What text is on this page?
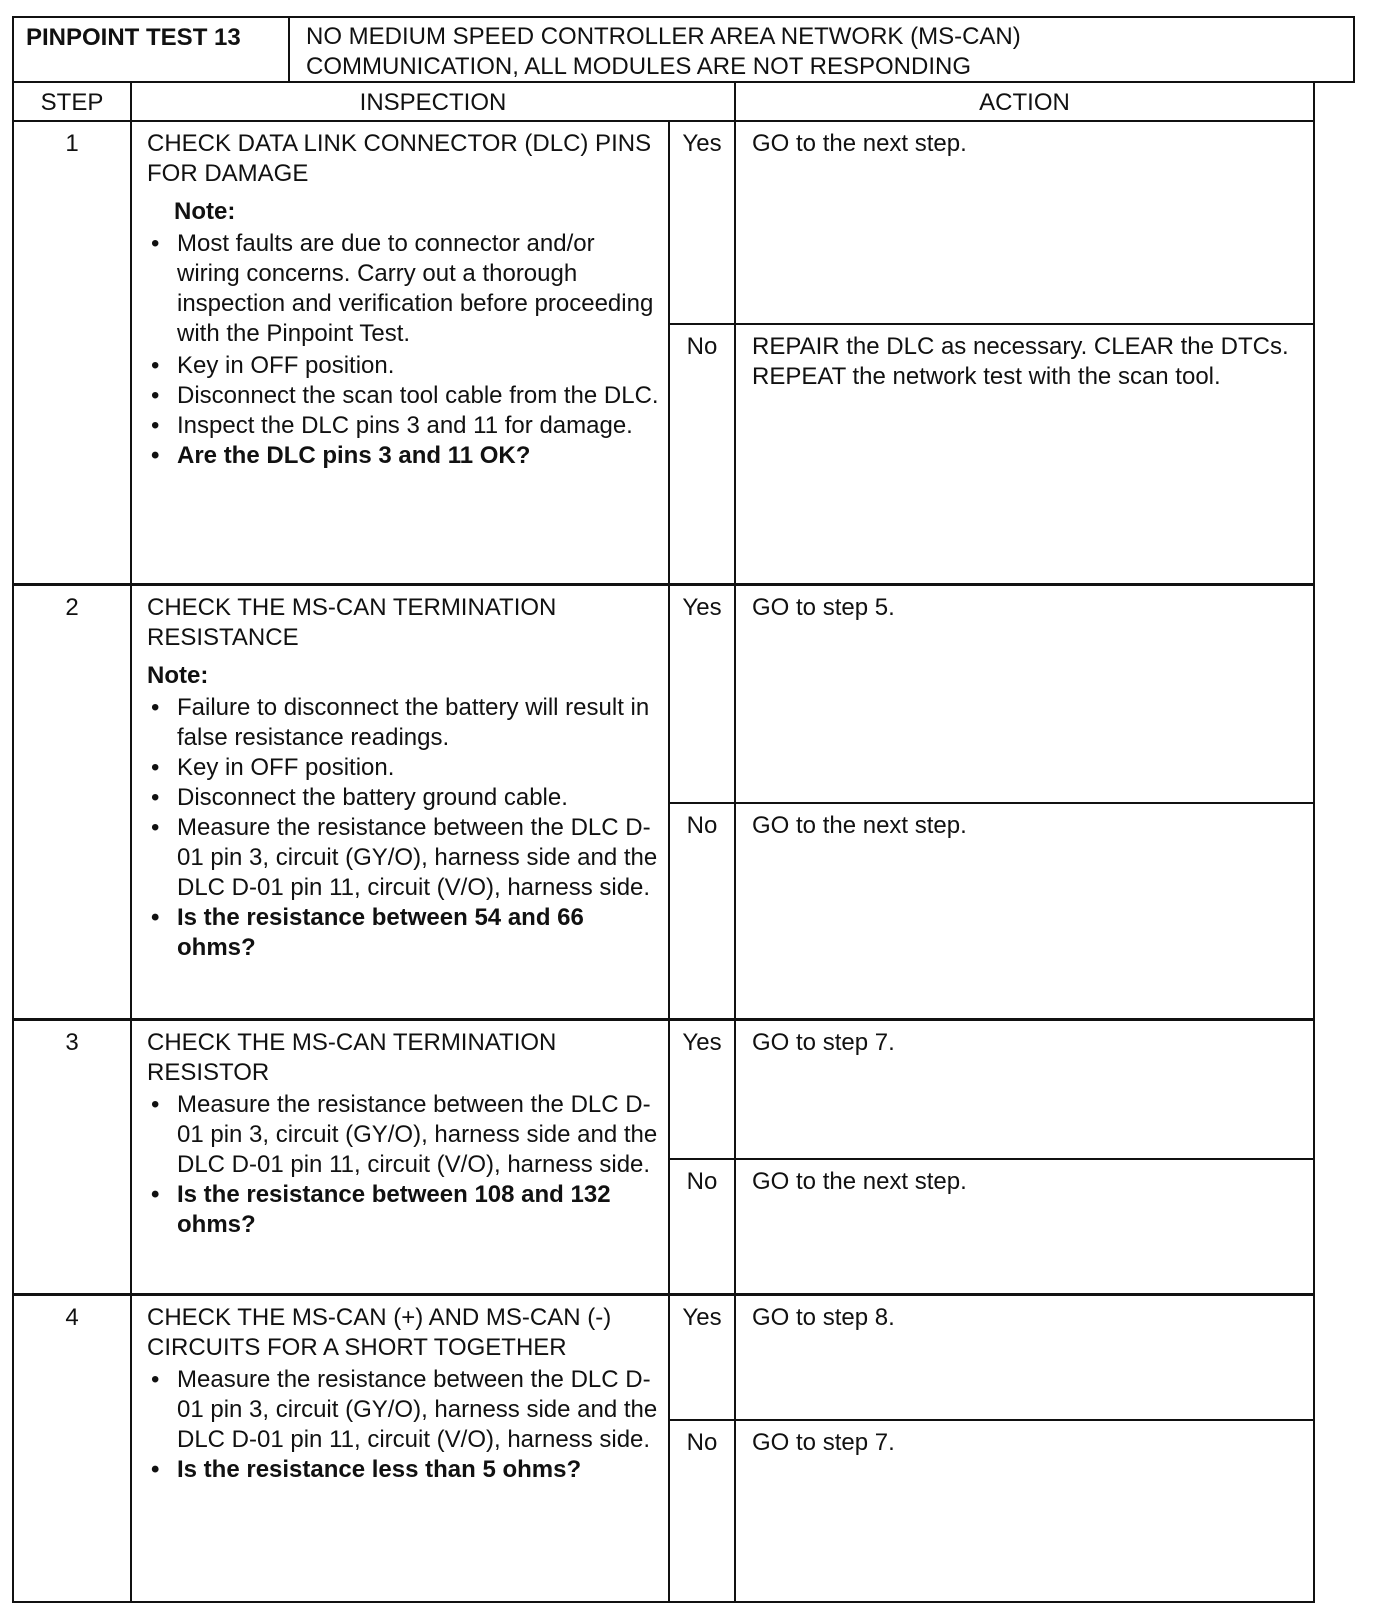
PINPOINT TEST 13	NO MEDIUM SPEED CONTROLLER AREA NETWORK (MS-CAN)
COMMUNICATION, ALL MODULES ARE NOT RESPONDING
STEP	INSPECTION	ACTION
1	CHECK DATA LINK CONNECTOR (DLC) PINS FOR DAMAGE
Note:
• Most faults are due to connector and/or wiring concerns. Carry out a thorough inspection and verification before proceeding with the Pinpoint Test.
• Key in OFF position.
• Disconnect the scan tool cable from the DLC.
• Inspect the DLC pins 3 and 11 for damage.
• Are the DLC pins 3 and 11 OK?
Yes	GO to the next step.
No	REPAIR the DLC as necessary. CLEAR the DTCs. REPEAT the network test with the scan tool.
2	CHECK THE MS-CAN TERMINATION RESISTANCE
Note:
• Failure to disconnect the battery will result in false resistance readings.
• Key in OFF position.
• Disconnect the battery ground cable.
• Measure the resistance between the DLC D-01 pin 3, circuit (GY/O), harness side and the DLC D-01 pin 11, circuit (V/O), harness side.
• Is the resistance between 54 and 66 ohms?
Yes	GO to step 5.
No	GO to the next step.
3	CHECK THE MS-CAN TERMINATION RESISTOR
• Measure the resistance between the DLC D-01 pin 3, circuit (GY/O), harness side and the DLC D-01 pin 11, circuit (V/O), harness side.
• Is the resistance between 108 and 132 ohms?
Yes	GO to step 7.
No	GO to the next step.
4	CHECK THE MS-CAN (+) AND MS-CAN (-) CIRCUITS FOR A SHORT TOGETHER
• Measure the resistance between the DLC D-01 pin 3, circuit (GY/O), harness side and the DLC D-01 pin 11, circuit (V/O), harness side.
• Is the resistance less than 5 ohms?
Yes	GO to step 8.
No	GO to step 7.
